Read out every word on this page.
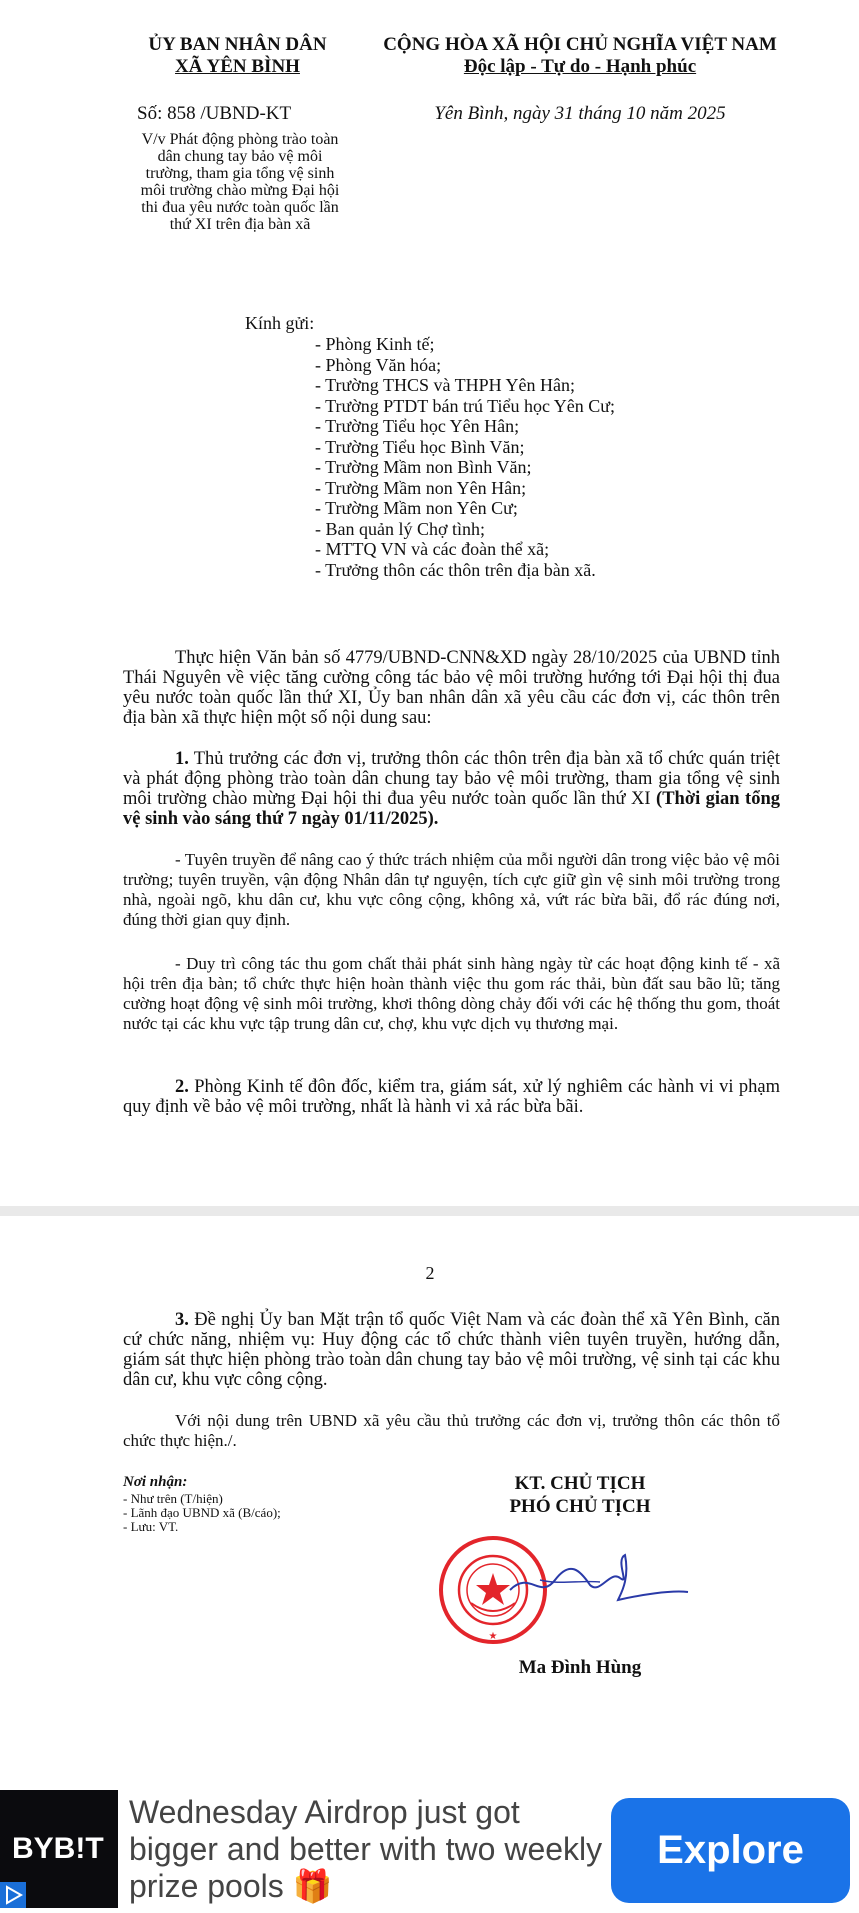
ỦY BAN NHÂN DÂN
XÃ YÊN BÌNH
CỘNG HÒA XÃ HỘI CHỦ NGHĨA VIỆT NAM
Độc lập - Tự do - Hạnh phúc
Số: 858 /UBND-KT	Yên Bình, ngày 31 tháng 10 năm 2025
V/v Phát động phòng trào toàn
dân chung tay bảo vệ môi
trường, tham gia tổng vệ sinh
môi trường chào mừng Đại hội
thi đua yêu nước toàn quốc lần
thứ XI trên địa bàn xã
Kính gửi:
- Phòng Kinh tế;
- Phòng Văn hóa;
- Trường THCS và THPH Yên Hân;
- Trường PTDT bán trú Tiểu học Yên Cư;
- Trường Tiểu học Yên Hân;
- Trường Tiểu học Bình Văn;
- Trường Mầm non Bình Văn;
- Trường Mầm non Yên Hân;
- Trường Mầm non Yên Cư;
- Ban quản lý Chợ tình;
- MTTQ VN và các đoàn thể xã;
- Trưởng thôn các thôn trên địa bàn xã.
Thực hiện Văn bản số 4779/UBND-CNN&XD ngày 28/10/2025 của UBND tỉnh Thái Nguyên về việc tăng cường công tác bảo vệ môi trường hướng tới Đại hội thị đua yêu nước toàn quốc lần thứ XI, Ủy ban nhân dân xã yêu cầu các đơn vị, các thôn trên địa bàn xã thực hiện một số nội dung sau:
1. Thủ trưởng các đơn vị, trưởng thôn các thôn trên địa bàn xã tổ chức quán triệt và phát động phòng trào toàn dân chung tay bảo vệ môi trường, tham gia tổng vệ sinh môi trường chào mừng Đại hội thi đua yêu nước toàn quốc lần thứ XI (Thời gian tổng vệ sinh vào sáng thứ 7 ngày 01/11/2025).
- Tuyên truyền để nâng cao ý thức trách nhiệm của mỗi người dân trong việc bảo vệ môi trường; tuyên truyền, vận động Nhân dân tự nguyện, tích cực giữ gìn vệ sinh môi trường trong nhà, ngoài ngõ, khu dân cư, khu vực công cộng, không xả, vứt rác bừa bãi, đổ rác đúng nơi, đúng thời gian quy định.
- Duy trì công tác thu gom chất thải phát sinh hàng ngày từ các hoạt động kinh tế - xã hội trên địa bàn; tổ chức thực hiện hoàn thành việc thu gom rác thải, bùn đất sau bão lũ; tăng cường hoạt động vệ sinh môi trường, khơi thông dòng chảy đối với các hệ thống thu gom, thoát nước tại các khu vực tập trung dân cư, chợ, khu vực dịch vụ thương mại.
2. Phòng Kinh tế đôn đốc, kiểm tra, giám sát, xử lý nghiêm các hành vi vi phạm quy định về bảo vệ môi trường, nhất là hành vi xả rác bừa bãi.
2
3. Đề nghị Ủy ban Mặt trận tổ quốc Việt Nam và các đoàn thể xã Yên Bình, căn cứ chức năng, nhiệm vụ: Huy động các tổ chức thành viên tuyên truyền, hướng dẫn, giám sát thực hiện phòng trào toàn dân chung tay bảo vệ môi trường, vệ sinh tại các khu dân cư, khu vực công cộng.
Với nội dung trên UBND xã yêu cầu thủ trưởng các đơn vị, trưởng thôn các thôn tổ chức thực hiện./.
Nơi nhận:
- Như trên (T/hiện)
- Lãnh đạo UBND xã (B/cáo);
- Lưu: VT.
KT. CHỦ TỊCH
PHÓ CHỦ TỊCH
★
Ma Đình Hùng
BYB!T
Wednesday Airdrop just got bigger and better with two weekly prize pools 🎁
Explore
